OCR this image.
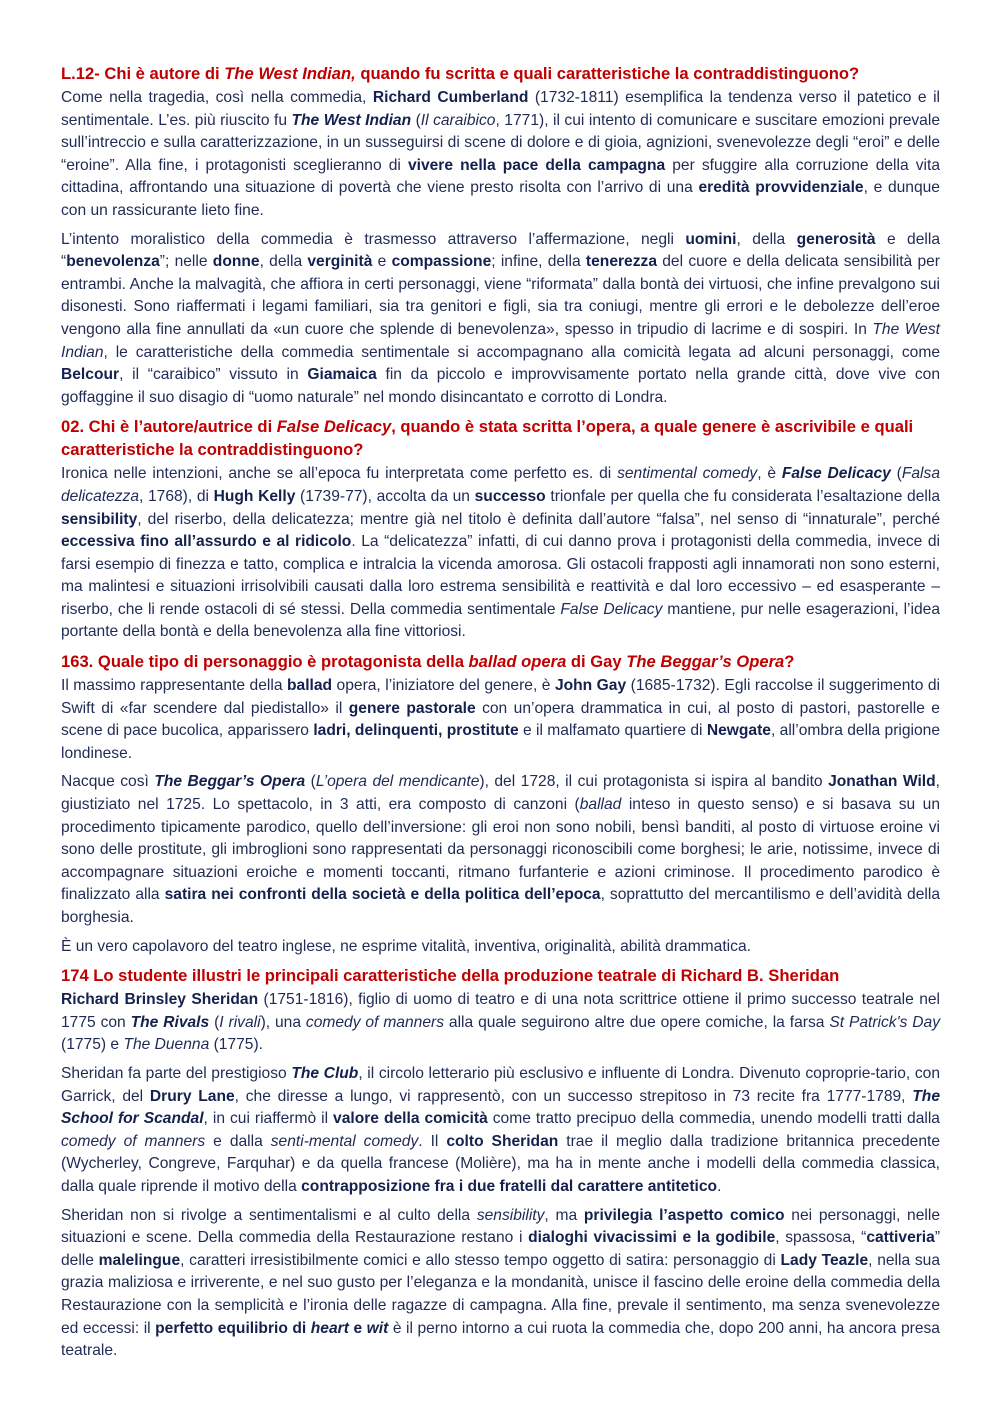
L.12- Chi è autore di The West Indian, quando fu scritta e quali caratteristiche la contraddistinguono?

Come nella tragedia, così nella commedia, Richard Cumberland (1732-1811) esemplifica la tendenza verso il patetico e il sentimentale. L’es. più riuscito fu The West Indian (Il caraibico, 1771), il cui intento di comunicare e suscitare emozioni prevale sull’intreccio e sulla caratterizzazione, in un susseguirsi di scene di dolore e di gioia, agnizioni, svenevolezze degli “eroi” e delle “eroine”. Alla fine, i protagonisti sceglieranno di vivere nella pace della campagna per sfuggire alla corruzione della vita cittadina, affrontando una situazione di povertà che viene presto risolta con l’arrivo di una eredità provvidenziale, e dunque con un rassicurante lieto fine.

L’intento moralistico della commedia è trasmesso attraverso l’affermazione, negli uomini, della generosità e della “benevolenza”; nelle donne, della verginità e compassione; infine, della tenerezza del cuore e della delicata sensibilità per entrambi. Anche la malvagità, che affiora in certi personaggi, viene “riformata” dalla bontà dei virtuosi, che infine prevalgono sui disonesti. Sono riaffermati i legami familiari, sia tra genitori e figli, sia tra coniugi, mentre gli errori e le debolezze dell’eroe vengono alla fine annullati da «un cuore che splende di benevolenza», spesso in tripudio di lacrime e di sospiri. In The West Indian, le caratteristiche della commedia sentimentale si accompagnano alla comicità legata ad alcuni personaggi, come Belcour, il “caraibico” vissuto in Giamaica fin da piccolo e improvvisamente portato nella grande città, dove vive con goffaggine il suo disagio di “uomo naturale” nel mondo disincantato e corrotto di Londra.

02. Chi è l’autore/autrice di False Delicacy, quando è stata scritta l’opera, a quale genere è ascrivibile e quali caratteristiche la contraddistinguono?

Ironica nelle intenzioni, anche se all’epoca fu interpretata come perfetto es. di sentimental comedy, è False Delicacy (Falsa delicatezza, 1768), di Hugh Kelly (1739-77), accolta da un successo trionfale per quella che fu considerata l’esaltazione della sensibility, del riserbo, della delicatezza; mentre già nel titolo è definita dall’autore “falsa”, nel senso di “innaturale”, perché eccessiva fino all’assurdo e al ridicolo. La “delicatezza” infatti, di cui danno prova i protagonisti della commedia, invece di farsi esempio di finezza e tatto, complica e intralcia la vicenda amorosa. Gli ostacoli frapposti agli innamorati non sono esterni, ma malintesi e situazioni irrisolvibili causati dalla loro estrema sensibilità e reattività e dal loro eccessivo – ed esasperante – riserbo, che li rende ostacoli di sé stessi. Della commedia sentimentale False Delicacy mantiene, pur nelle esagerazioni, l’idea portante della bontà e della benevolenza alla fine vittoriosi.

163. Quale tipo di personaggio è protagonista della ballad opera di Gay The Beggar’s Opera?

Il massimo rappresentante della ballad opera, l’iniziatore del genere, è John Gay (1685-1732). Egli raccolse il suggerimento di Swift di «far scendere dal piedistallo» il genere pastorale con un’opera drammatica in cui, al posto di pastori, pastorelle e scene di pace bucolica, apparissero ladri, delinquenti, prostitute e il malfamato quartiere di Newgate, all’ombra della prigione londinese.

Nacque così The Beggar’s Opera (L’opera del mendicante), del 1728, il cui protagonista si ispira al bandito Jonathan Wild, giustiziato nel 1725. Lo spettacolo, in 3 atti, era composto di canzoni (ballad inteso in questo senso) e si basava su un procedimento tipicamente parodico, quello dell’inversione: gli eroi non sono nobili, bensì banditi, al posto di virtuose eroine vi sono delle prostitute, gli imbroglioni sono rappresentati da personaggi riconoscibili come borghesi; le arie, notissime, invece di accompagnare situazioni eroiche e momenti toccanti, ritmano furfanterie e azioni criminose. Il procedimento parodico è finalizzato alla satira nei confronti della società e della politica dell’epoca, soprattutto del mercantilismo e dell’avidità della borghesia.

È un vero capolavoro del teatro inglese, ne esprime vitalità, inventiva, originalità, abilità drammatica.

174 Lo studente illustri le principali caratteristiche della produzione teatrale di Richard B. Sheridan

Richard Brinsley Sheridan (1751-1816), figlio di uomo di teatro e di una nota scrittrice ottiene il primo successo teatrale nel 1775 con The Rivals (I rivali), una comedy of manners alla quale seguirono altre due opere comiche, la farsa St Patrick's Day (1775) e The Duenna (1775).

Sheridan fa parte del prestigioso The Club, il circolo letterario più esclusivo e influente di Londra. Divenuto coproprie-tario, con Garrick, del Drury Lane, che diresse a lungo, vi rappresentò, con un successo strepitoso in 73 recite fra 1777-1789, The School for Scandal, in cui riaffermò il valore della comicità come tratto precipuo della commedia, unendo modelli tratti dalla comedy of manners e dalla senti-mental comedy. Il colto Sheridan trae il meglio dalla tradizione britannica precedente (Wycherley, Congreve, Farquhar) e da quella francese (Molière), ma ha in mente anche i modelli della commedia classica, dalla quale riprende il motivo della contrapposizione fra i due fratelli dal carattere antitetico.

Sheridan non si rivolge a sentimentalismi e al culto della sensibility, ma privilegia l’aspetto comico nei personaggi, nelle situazioni e scene. Della commedia della Restaurazione restano i dialoghi vivacissimi e la godibile, spassosa, “cattiveria” delle malelingue, caratteri irresistibilmente comici e allo stesso tempo oggetto di satira: personaggio di Lady Teazle, nella sua grazia maliziosa e irriverente, e nel suo gusto per l’eleganza e la mondanità, unisce il fascino delle eroine della commedia della Restaurazione con la semplicità e l’ironia delle ragazze di campagna. Alla fine, prevale il sentimento, ma senza svenevolezze ed eccessi: il perfetto equilibrio di heart e wit è il perno intorno a cui ruota la commedia che, dopo 200 anni, ha ancora presa teatrale.
